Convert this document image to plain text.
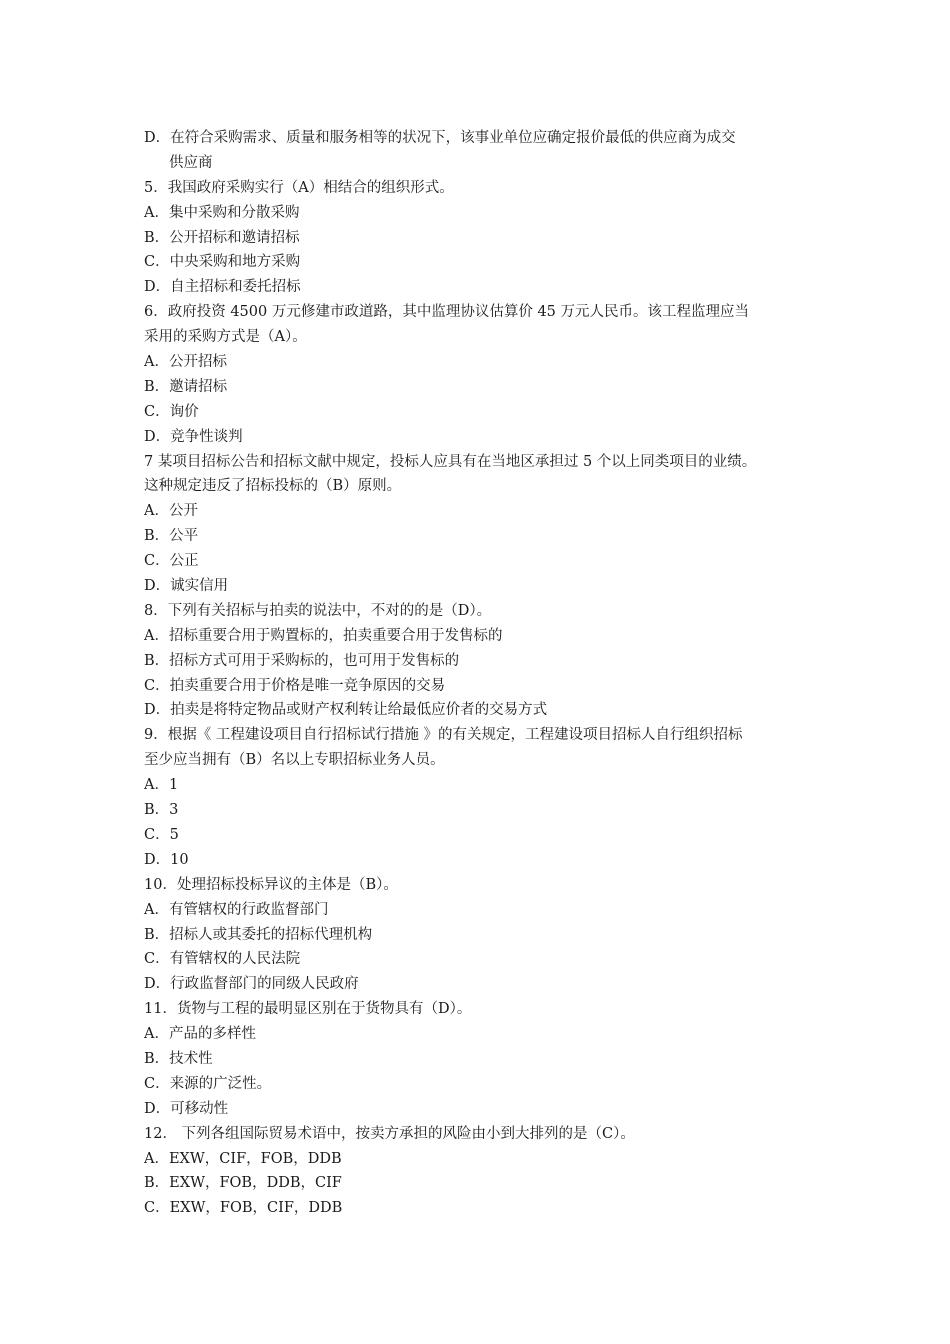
D．在符合采购需求、质量和服务相等的状况下，该事业单位应确定报价最低的供应商为成交
供应商
5．我国政府采购实行（A）相结合的组织形式。
A．集中采购和分散采购
B．公开招标和邀请招标
C．中央采购和地方采购
D．自主招标和委托招标
6．政府投资 4500 万元修建市政道路，其中监理协议估算价 45 万元人民币。该工程监理应当
采用的采购方式是（A）。
A．公开招标
B．邀请招标
C．询价
D．竞争性谈判
7 某项目招标公告和招标文献中规定，投标人应具有在当地区承担过 5 个以上同类项目的业绩。
这种规定违反了招标投标的（B）原则。
A．公开
B．公平
C．公正
D．诚实信用
8．下列有关招标与拍卖的说法中，不对的的是（D）。
A．招标重要合用于购置标的，拍卖重要合用于发售标的
B．招标方式可用于采购标的，也可用于发售标的
C．拍卖重要合用于价格是唯一竞争原因的交易
D．拍卖是将特定物品或财产权利转让给最低应价者的交易方式
9．根据《 工程建设项目自行招标试行措施 》的有关规定，工程建设项目招标人自行组织招标
至少应当拥有（B）名以上专职招标业务人员。
A．1
B．3
C．5
D．10
10．处理招标投标异议的主体是（B）。
A．有管辖权的行政监督部门
B．招标人或其委托的招标代理机构
C．有管辖权的人民法院
D．行政监督部门的同级人民政府
11．货物与工程的最明显区别在于货物具有（D）。
A．产品的多样性
B．技术性
C．来源的广泛性。
D．可移动性
12． 下列各组国际贸易术语中，按卖方承担的风险由小到大排列的是（C）。
A．EXW，CIF，FOB，DDB
B．EXW，FOB，DDB，CIF
C．EXW，FOB，CIF，DDB
